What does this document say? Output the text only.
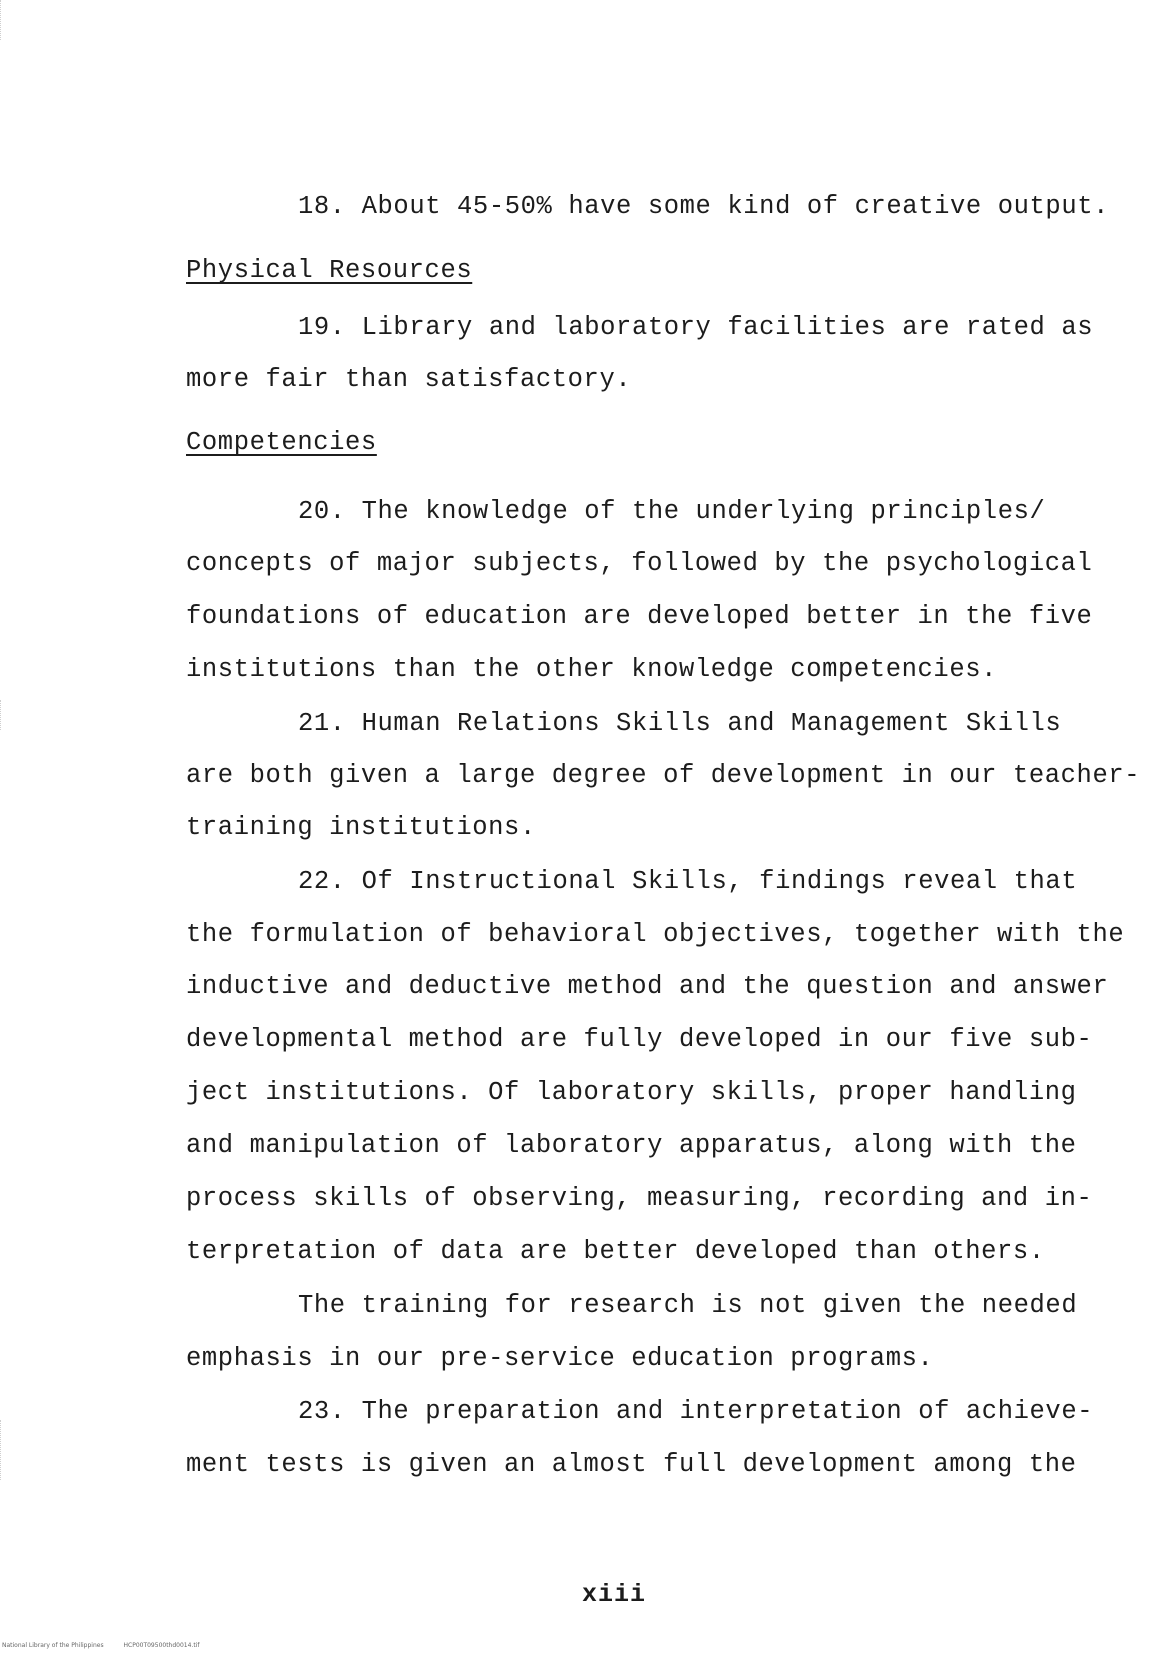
18. About 45-50% have some kind of creative output.
Physical Resources
19. Library and laboratory facilities are rated as
more fair than satisfactory.
Competencies
20. The knowledge of the underlying principles/
concepts of major subjects, followed by the psychological
foundations of education are developed better in the five
institutions than the other knowledge competencies.
21. Human Relations Skills and Management Skills
are both given a large degree of development in our teacher-
training institutions.
22. Of Instructional Skills, findings reveal that
the formulation of behavioral objectives, together with the
inductive and deductive method and the question and answer
developmental method are fully developed in our five sub-
ject institutions. Of laboratory skills, proper handling
and manipulation of laboratory apparatus, along with the
process skills of observing, measuring, recording and in-
terpretation of data are better developed than others.
The training for research is not given the needed
emphasis in our pre-service education programs.
23. The preparation and interpretation of achieve-
ment tests is given an almost full development among the
xiii
National Library of the Philippines	HCP00T09500thd0014.tif
